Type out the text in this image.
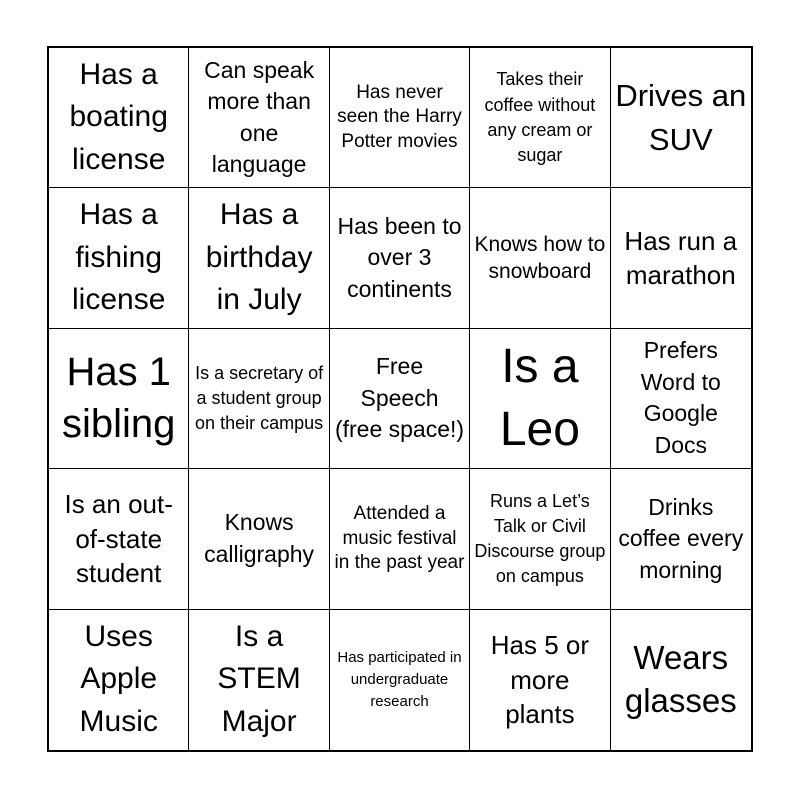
Has a boating license
Can speak more than one language
Has never seen the Harry Potter movies
Takes their coffee without any cream or sugar
Drives an SUV
Has a fishing license
Has a birthday in July
Has been to over 3 continents
Knows how to snowboard
Has run a marathon
Has 1 sibling
Is a secretary of a student group on their campus
Free Speech (free space!)
Is a Leo
Prefers Word to Google Docs
Is an out-of-state student
Knows calligraphy
Attended a music festival in the past year
Runs a Let’s Talk or Civil Discourse group on campus
Drinks coffee every morning
Uses Apple Music
Is a STEM Major
Has participated in undergraduate research
Has 5 or more plants
Wears glasses
